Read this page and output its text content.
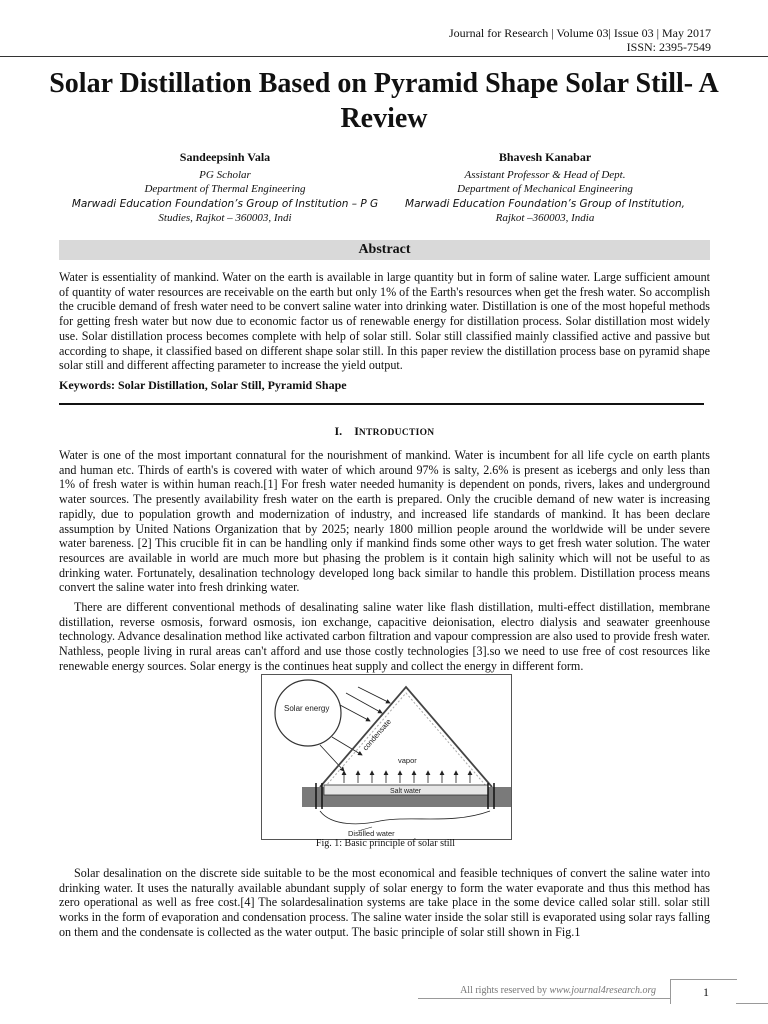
Journal for Research | Volume 03| Issue 03 | May 2017
ISSN: 2395-7549
Solar Distillation Based on Pyramid Shape Solar Still- A Review
Sandeepsinh Vala
PG Scholar
Department of Thermal Engineering
Marwadi Education Foundation’s Group of Institution – P G
Studies, Rajkot – 360003, Indi
Bhavesh Kanabar
Assistant Professor & Head of Dept.
Department of Mechanical Engineering
Marwadi Education Foundation’s Group of Institution,
Rajkot –360003, India
Abstract
Water is essentiality of mankind. Water on the earth is available in large quantity but in form of saline water. Large sufficient amount of quantity of water resources are receivable on the earth but only 1% of the Earth's resources when get the fresh water. So accomplish the crucible demand of fresh water need to be convert saline water into drinking water. Distillation is one of the most hopeful methods for getting fresh water but now due to economic factor us of renewable energy for distillation process. Solar distillation most widely use. Solar distillation process becomes complete with help of solar still. Solar still classified mainly classified active and passive but according to shape, it classified based on different shape solar still. In this paper review the distillation process base on pyramid shape solar still and different affecting parameter to increase the yield output.
Keywords: Solar Distillation, Solar Still, Pyramid Shape
I. INTRODUCTION
Water is one of the most important connatural for the nourishment of mankind. Water is incumbent for all life cycle on earth plants and human etc. Thirds of earth's is covered with water of which around 97% is salty, 2.6% is present as icebergs and only less than 1% of fresh water is within human reach.[1] For fresh water needed humanity is dependent on ponds, rivers, lakes and underground water sources. The presently availability fresh water on the earth is prepared. Only the crucible demand of new water is increasing rapidly, due to population growth and modernization of industry, and increased life standards of mankind. It has been declare assumption by United Nations Organization that by 2025; nearly 1800 million people around the worldwide will be under severe water bareness. [2] This crucible fit in can be handling only if mankind finds some other ways to get fresh water solution. The water resources are available in world are much more but phasing the problem is it contain high salinity which will not be useful to as drinking water. Fortunately, desalination technology developed long back similar to handle this problem. Distillation process means convert the saline water into fresh drinking water.
There are different conventional methods of desalinating saline water like flash distillation, multi-effect distillation, membrane distillation, reverse osmosis, forward osmosis, ion exchange, capacitive deionisation, electro dialysis and seawater greenhouse technology. Advance desalination method like activated carbon filtration and vapour compression are also used to provide fresh water. Nathless, people living in rural areas can't afford and use those costly technologies [3].so we need to use free of cost resources like renewable energy sources. Solar energy is the continues heat supply and collect the energy in different form.
Solar energy
condensate
vapor
Salt water
Distilled water
Fig. 1: Basic principle of solar still
Solar desalination on the discrete side suitable to be the most economical and feasible techniques of convert the saline water into drinking water. It uses the naturally available abundant supply of solar energy to form the water evaporate and thus this method has zero operational as well as free cost.[4] The solardesalination systems are take place in the some device called solar still. solar still works in the form of evaporation and condensation process. The saline water inside the solar still is evaporated using solar rays falling on them and the condensate is collected as the water output. The basic principle of solar still shown in Fig.1
All rights reserved by www.journal4research.org	1
